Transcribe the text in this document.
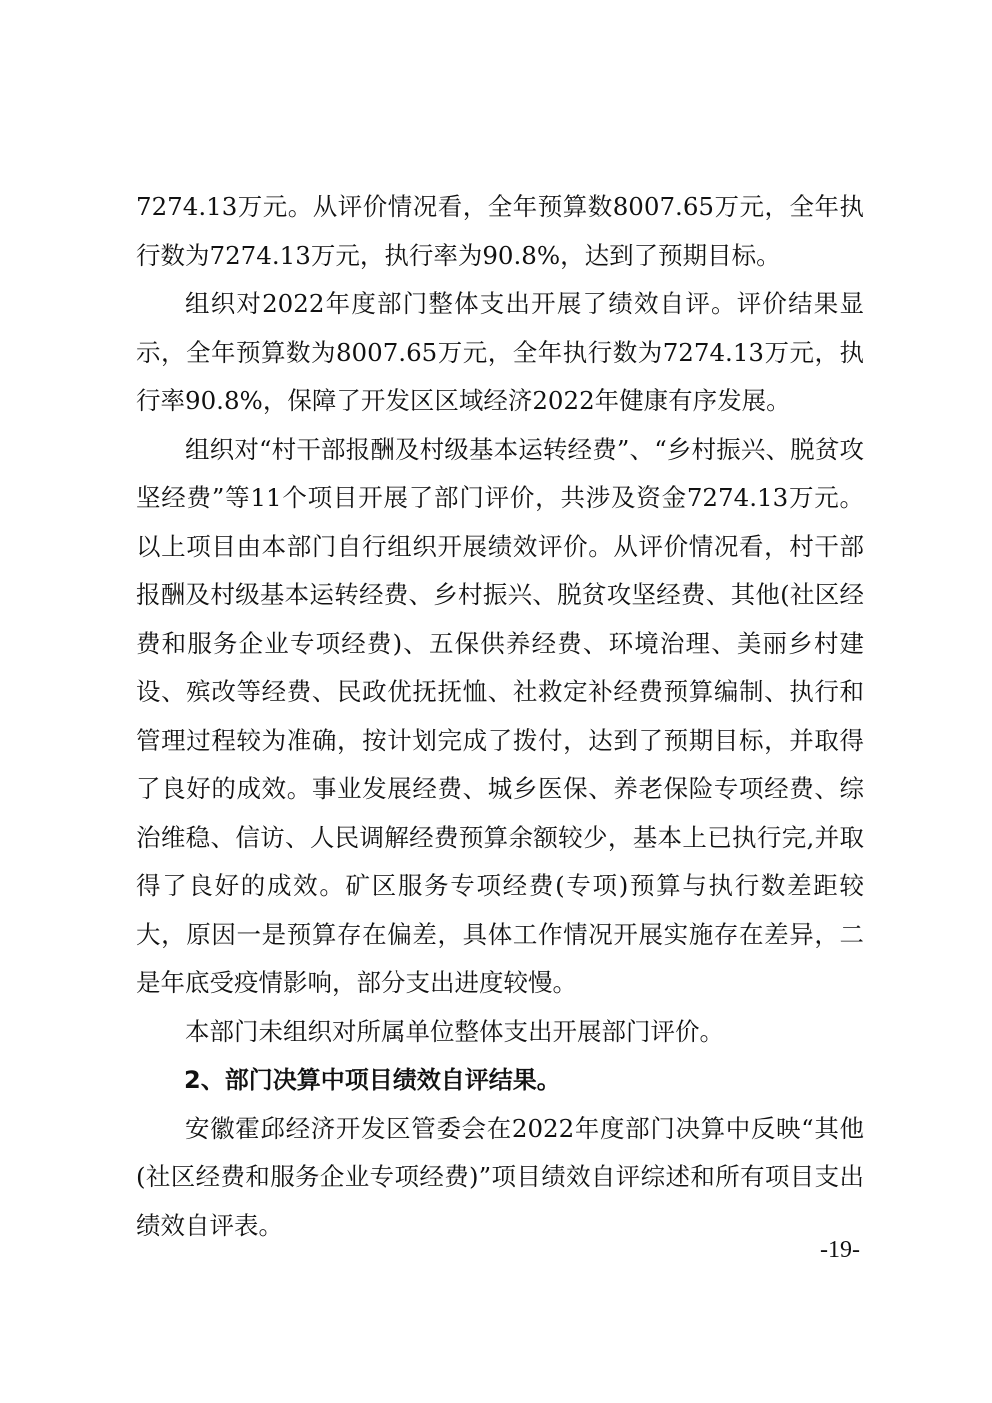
7274.13万元。从评价情况看，全年预算数8007.65万元，全年执行数为7274.13万元，执行率为90.8%，达到了预期目标。

组织对2022年度部门整体支出开展了绩效自评。评价结果显示，全年预算数为8007.65万元，全年执行数为7274.13万元，执行率90.8%，保障了开发区区域经济2022年健康有序发展。

组织对“村干部报酬及村级基本运转经费”、“乡村振兴、脱贫攻坚经费”等11个项目开展了部门评价，共涉及资金7274.13万元。以上项目由本部门自行组织开展绩效评价。从评价情况看，村干部报酬及村级基本运转经费、乡村振兴、脱贫攻坚经费、其他(社区经费和服务企业专项经费)、五保供养经费、环境治理、美丽乡村建设、殡改等经费、民政优抚抚恤、社救定补经费预算编制、执行和管理过程较为准确，按计划完成了拨付，达到了预期目标，并取得了良好的成效。事业发展经费、城乡医保、养老保险专项经费、综治维稳、信访、人民调解经费预算余额较少，基本上已执行完,并取得了良好的成效。矿区服务专项经费(专项)预算与执行数差距较大，原因一是预算存在偏差，具体工作情况开展实施存在差异，二是年底受疫情影响，部分支出进度较慢。

本部门未组织对所属单位整体支出开展部门评价。

2、部门决算中项目绩效自评结果。

安徽霍邱经济开发区管委会在2022年度部门决算中反映“其他(社区经费和服务企业专项经费)”项目绩效自评综述和所有项目支出绩效自评表。

-19-
